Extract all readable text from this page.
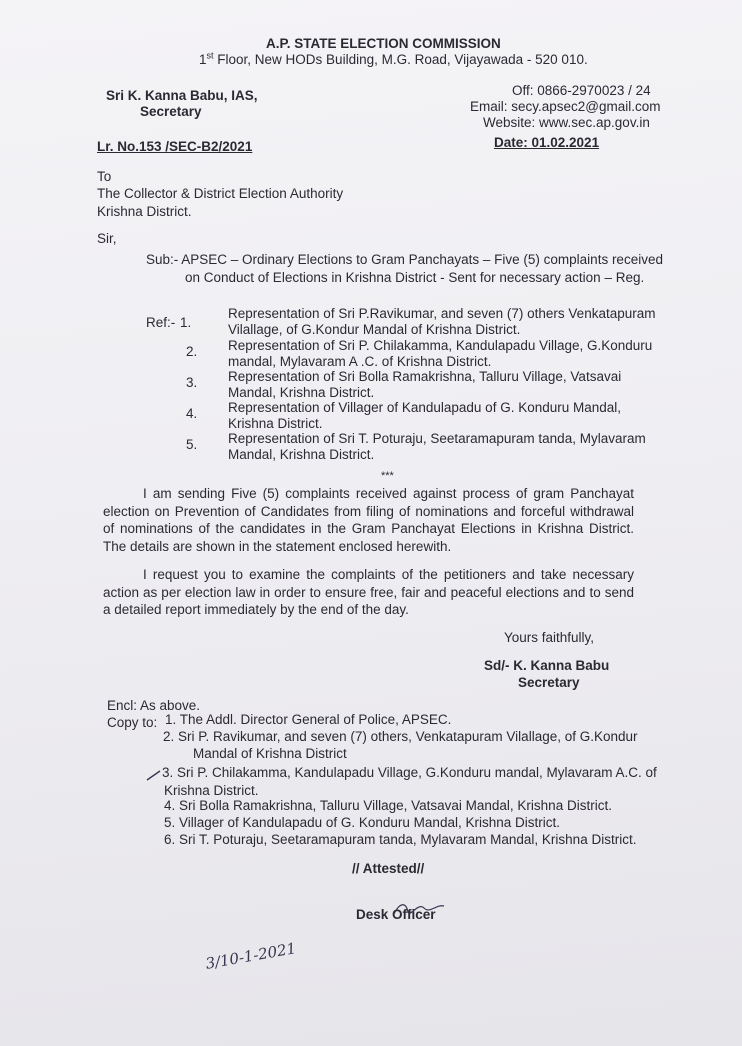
A.P. STATE ELECTION COMMISSION
1st Floor, New HODs Building, M.G. Road, Vijayawada - 520 010.
Sri K. Kanna Babu, IAS,
Secretary
Off: 0866-2970023 / 24
Email: secy.apsec2@gmail.com
Website: www.sec.ap.gov.in
Lr. No.153 /SEC-B2/2021	Date: 01.02.2021
To
The Collector & District Election Authority
Krishna District.
Sir,
Sub:- APSEC – Ordinary Elections to Gram Panchayats – Five (5) complaints received
on Conduct of Elections in Krishna District - Sent for necessary action – Reg.
Ref:- 1.
Representation of Sri P.Ravikumar, and seven (7) others Venkatapuram
Vilallage, of G.Kondur Mandal of Krishna District.
2. Representation of Sri P. Chilakamma, Kandulapadu Village, G.Konduru
mandal, Mylavaram A .C. of Krishna District.
3. Representation of Sri Bolla Ramakrishna, Talluru Village, Vatsavai
Mandal, Krishna District.
4. Representation of Villager of Kandulapadu of G. Konduru Mandal,
Krishna District.
5. Representation of Sri T. Poturaju, Seetaramapuram tanda, Mylavaram
Mandal, Krishna District.
***
I am sending Five (5) complaints received against process of gram Panchayat election on Prevention of Candidates from filing of nominations and forceful withdrawal of nominations of the candidates in the Gram Panchayat Elections in Krishna District. The details are shown in the statement enclosed herewith.
I request you to examine the complaints of the petitioners and take necessary action as per election law in order to ensure free, fair and peaceful elections and to send a detailed report immediately by the end of the day.
Yours faithfully,
Sd/- K. Kanna Babu
Secretary
Encl: As above.
Copy to: 1. The Addl. Director General of Police, APSEC.
2. Sri P. Ravikumar, and seven (7) others, Venkatapuram Vilallage, of G.Kondur
Mandal of Krishna District
3. Sri P. Chilakamma, Kandulapadu Village, G.Konduru mandal, Mylavaram A.C. of
Krishna District.
4. Sri Bolla Ramakrishna, Talluru Village, Vatsavai Mandal, Krishna District.
5. Villager of Kandulapadu of G. Konduru Mandal, Krishna District.
6. Sri T. Poturaju, Seetaramapuram tanda, Mylavaram Mandal, Krishna District.
// Attested//
Desk Officer
3/10-1-2021
